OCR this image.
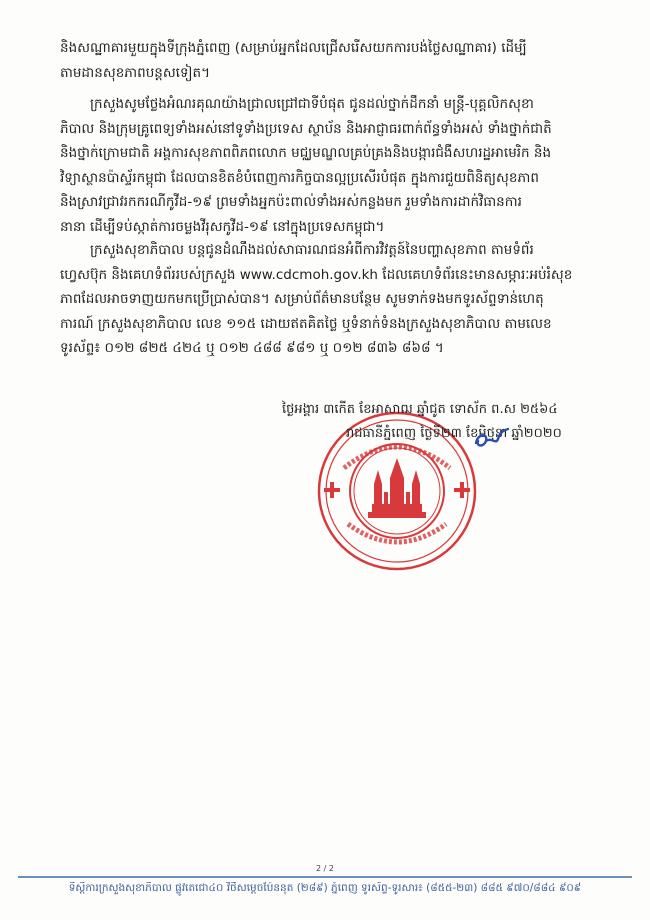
និងសណ្ឋាគារមួយក្នុងទីក្រុងភ្នំពេញ (សម្រាប់អ្នកដែលជ្រើសរើសយកការបង់ថ្លៃសណ្ឋាគារ) ដើម្បី
តាមដានសុខភាពបន្តសទៀត។
ក្រសួងសូមថ្លែងអំណរគុណយ៉ាងជ្រាលជ្រៅជាទីបំផុត ជូនដល់ថ្នាក់ដឹកនាំ មន្ត្រី-បុគ្គលិកសុខា
ភិបាល និងក្រុមគ្រូពេទ្យទាំងអស់នៅទូទាំងប្រទេស ស្ថាប័ន និងអាជ្ញាធរពាក់ព័ន្ធទាំងអស់ ទាំងថ្នាក់ជាតិ
និងថ្នាក់ក្រោមជាតិ អង្គការសុខភាពពិភពលោក មជ្ឈមណ្ឌលគ្រប់គ្រងនិងបង្ការជំងឺសហរដ្ឋអាមេរិក និង
វិទ្យាស្ថានប៉ាស្ទ័រកម្ពុជា ដែលបានខិតខំបំពេញការកិច្ចបានល្អប្រសើរបំផុត ក្នុងការជួយពិនិត្យសុខភាព
និងស្រាវជ្រាវរកករណីកូវីដ-១៩ ព្រមទាំងអ្នកប៉ះពាល់ទាំងអស់កន្លងមក រួមទាំងការដាក់វិធានការ
នានា ដើម្បីទប់ស្កាត់ការចម្លងវីរុសកូវីដ-១៩ នៅក្នុងប្រទេសកម្ពុជា។
ក្រសួងសុខាភិបាល បន្តជូនដំណឹងដល់សាធារណជនអំពីការវិវត្តន៍នៃបញ្ហាសុខភាព តាមទំព័រ
ហ្វេសប៊ុក និងគេហទំព័ររបស់ក្រសួង www.cdcmoh.gov.kh ដែលគេហទំព័រនេះមានសម្ភារៈអប់រំសុខ
ភាពដែលអាចទាញយកមកប្រើប្រាស់បាន។ សម្រាប់ព័ត៌មានបន្ថែម សូមទាក់ទងមកទូរស័ព្ទទាន់ហេតុ
ការណ៍ ក្រសួងសុខាភិបាល លេខ ១១៥ ដោយឥតគិតថ្លៃ ឬទំនាក់ទំនងក្រសួងសុខាភិបាល តាមលេខ
ទូរស័ព្ទ៖ ០១២ ៨២៥ ៤២៤ ឬ ០១២ ៤៨៨ ៩៨១ ឬ ០១២ ៨៣៦ ៨៦៨ ។
ថ្ងៃអង្គារ ៣កើត ខែអាសាឍ ឆ្នាំជូត ទោស័ក ព.ស ២៥៦៤
រាជធានីភ្នំពេញ ថ្ងៃទី២៣ ខែមិថុនា ឆ្នាំ២០២០
2 / 2
ទីស្តីការក្រសួងសុខាភិបាល ផ្លូវតេជោ៤០ វិថីសម្តេចប៉ែននុត (២៨៩) ភ្នំពេញ ទូរស័ព្ទ-ទូរសារ៖ (៨៥៥-២៣) ៨៨៥ ៩៧០/៨៨៤ ៩០៩
